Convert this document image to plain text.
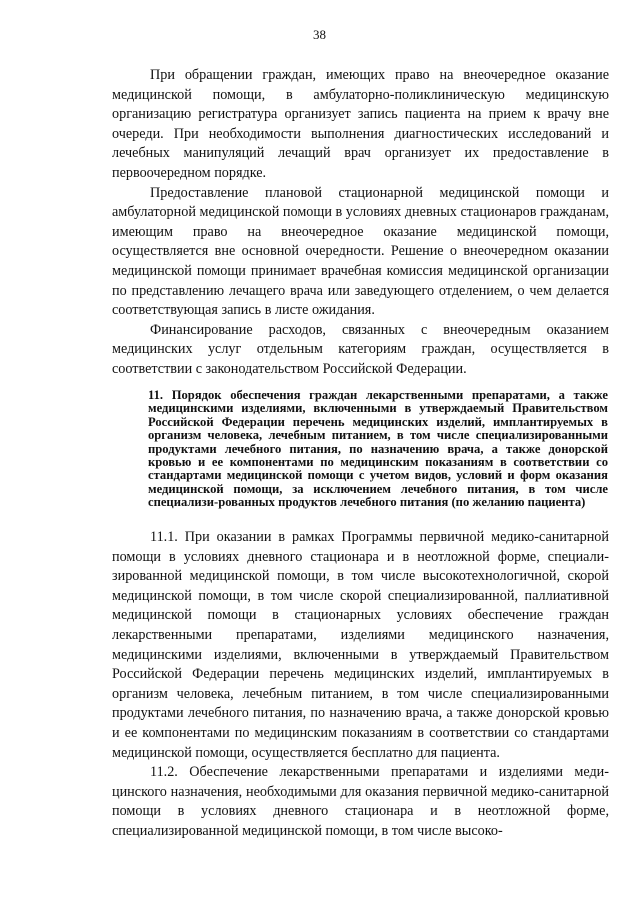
38

При обращении граждан, имеющих право на внеочередное оказание медицинской помощи, в амбулаторно-поликлиническую медицинскую организацию регистратура организует запись пациента на прием к врачу вне очереди. При необходимости выполнения диагностических исследований и лечебных манипуляций лечащий врач организует их предоставление в первоочередном порядке.

Предоставление плановой стационарной медицинской помощи и амбулаторной медицинской помощи в условиях дневных стационаров гражданам, имеющим право на внеочередное оказание медицинской помощи, осуществляется вне основной очередности. Решение о внеочередном оказании медицинской помощи принимает врачебная комиссия медицинской организации по представлению лечащего врача или заведующего отделением, о чем делается соответствующая запись в листе ожидания.

Финансирование расходов, связанных с внеочередным оказанием медицинских услуг отдельным категориям граждан, осуществляется в соответствии с законодательством Российской Федерации.

11. Порядок обеспечения граждан лекарственными препаратами, а также медицинскими изделиями, включенными в утверждаемый Правительством Российской Федерации перечень медицинских изделий, имплантируемых в организм человека, лечебным питанием, в том числе специализированными продуктами лечебного питания, по назначению врача, а также донорской кровью и ее компонентами по медицинским показаниям в соответствии со стандартами медицинской помощи с учетом видов, условий и форм оказания медицинской помощи, за исключением лечебного питания, в том числе специализи-рованных продуктов лечебного питания (по желанию пациента)

11.1. При оказании в рамках Программы первичной медико-санитарной помощи в условиях дневного стационара и в неотложной форме, специали-зированной медицинской помощи, в том числе высокотехнологичной, скорой медицинской помощи, в том числе скорой специализированной, паллиативной медицинской помощи в стационарных условиях обеспечение граждан лекарственными препаратами, изделиями медицинского назначения, медицинскими изделиями, включенными в утверждаемый Правительством Российской Федерации перечень медицинских изделий, имплантируемых в организм человека, лечебным питанием, в том числе специализированными продуктами лечебного питания, по назначению врача, а также донорской кровью и ее компонентами по медицинским показаниям в соответствии со стандартами медицинской помощи, осуществляется бесплатно для пациента.

11.2. Обеспечение лекарственными препаратами и изделиями меди-цинского назначения, необходимыми для оказания первичной медико-санитарной помощи в условиях дневного стационара и в неотложной форме, специализированной медицинской помощи, в том числе высоко-
